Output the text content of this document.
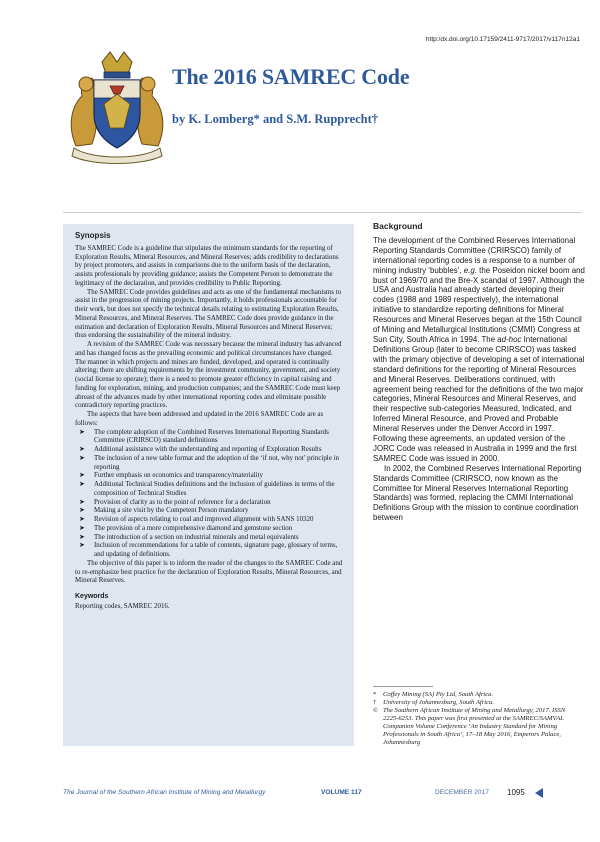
http:/dx.doi.org/10.17159/2411-9717/2017/v117n12a1
The 2016 SAMREC Code
by K. Lomberg* and S.M. Rupprecht†
Synopsis

The SAMREC Code is a guideline that stipulates the minimum standards for the reporting of Exploration Results, Mineral Resources, and Mineral Reserves; adds credibility to declarations by project promoters, and assists in comparisons due to the uniform basis of the declaration, assists professionals by providing guidance; assists the Competent Person to demonstrate the legitimacy of the declaration, and provides credibility to Public Reporting.

The SAMREC Code provides guidelines and acts as one of the fundamental mechanisms to assist in the progression of mining projects. Importantly, it holds professionals accountable for their work, but does not specify the technical details relating to estimating Exploration Results, Mineral Resources, and Mineral Reserves. The SAMREC Code does provide guidance in the estimation and declaration of Exploration Results, Mineral Resources and Mineral Reserves; thus endorsing the sustainability of the mineral industry.

A revision of the SAMREC Code was necessary because the mineral industry has advanced and has changed focus as the prevailing economic and political circumstances have changed. The manner in which projects and mines are funded, developed, and operated is continually altering; there are shifting requirements by the investment community, government, and society (social license to operate); there is a need to promote greater efficiency in capital raising and funding for exploration, mining, and production companies; and the SAMREC Code must keep abreast of the advances made by other international reporting codes and eliminate possible contradictory reporting practices.

The aspects that have been addressed and updated in the 2016 SAMREC Code are as follows:

➤ The complete adoption of the Combined Reserves International Reporting Standards Committee (CRIRSCO) standard definitions
➤ Additional assistance with the understanding and reporting of Exploration Results
➤ The inclusion of a new table format and the adoption of the ‘if not, why not’ principle in reporting
➤ Further emphasis on economics and transparency/materiality
➤ Additional Technical Studies definitions and the inclusion of guidelines in terms of the composition of Technical Studies
➤ Provision of clarity as to the point of reference for a declaration
➤ Making a site visit by the Competent Person mandatory
➤ Revision of aspects relating to coal and improved alignment with SANS 10320
➤ The provision of a more comprehensive diamond and gemstone section
➤ The introduction of a section on industrial minerals and metal equivalents
➤ Inclusion of recommendations for a table of contents, signature page, glossary of terms, and updating of definitions.

The objective of this paper is to inform the reader of the changes to the SAMREC Code and to re-emphasize best practice for the declaration of Exploration Results, Mineral Resources, and Mineral Reserves.

Keywords

Reporting codes, SAMREC 2016.

Background

The development of the Combined Reserves International Reporting Standards Committee (CRIRSCO) family of international reporting codes is a response to a number of mining industry ‘bubbles’, e.g. the Poseidon nickel boom and bust of 1969/70 and the Bre-X scandal of 1997. Although the USA and Australia had already started developing their codes (1988 and 1989 respectively), the international initiative to standardize reporting definitions for Mineral Resources and Mineral Reserves began at the 15th Council of Mining and Metallurgical Institutions (CMMI) Congress at Sun City, South Africa in 1994. The ad-hoc International Definitions Group (later to become CRIRSCO) was tasked with the primary objective of developing a set of international standard definitions for the reporting of Mineral Resources and Mineral Reserves. Deliberations continued, with agreement being reached for the definitions of the two major categories, Mineral Resources and Mineral Reserves, and their respective sub-categories Measured, Indicated, and Inferred Mineral Resource, and Proved and Probable Mineral Reserves under the Denver Accord in 1997. Following these agreements, an updated version of the JORC Code was released in Australia in 1999 and the first SAMREC Code was issued in 2000.

In 2002, the Combined Reserves International Reporting Standards Committee (CRIRSCO, now known as the Committee for Mineral Reserves International Reporting Standards) was formed, replacing the CMMI International Definitions Group with the mission to continue coordination between

* Coffey Mining (SA) Pty Ltd, South Africa.
† University of Johannesburg, South Africa.
© The Southern African Institute of Mining and Metallurgy, 2017. ISSN 2225-6253. This paper was first presented at the SAMREC/SAMVAL Companion Volume Conference ‘An Industry Standard for Mining Professionals in South Africa’, 17–18 May 2016, Emperors Palace, Johannesburg
The Journal of the Southern African Institute of Mining and Metallurgy	VOLUME 117	DECEMBER 2017 1095
